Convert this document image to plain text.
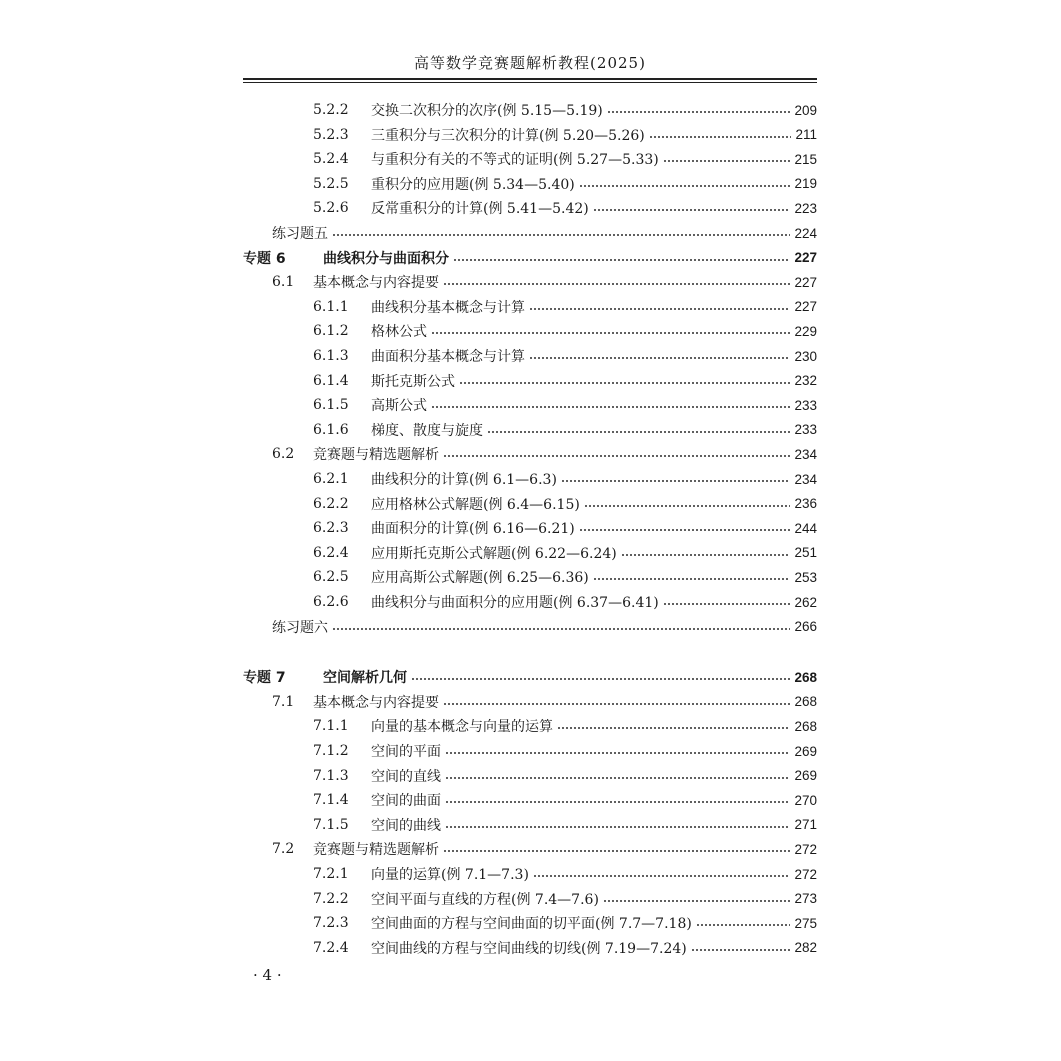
高等数学竞赛题解析教程(2025)
5.2.2	交换二次积分的次序(例 5.15—5.19)	209
5.2.3	三重积分与三次积分的计算(例 5.20—5.26)	211
5.2.4	与重积分有关的不等式的证明(例 5.27—5.33)	215
5.2.5	重积分的应用题(例 5.34—5.40)	219
5.2.6	反常重积分的计算(例 5.41—5.42)	223
练习题五	224
专题 6	曲线积分与曲面积分	227
6.1	基本概念与内容提要	227
6.1.1	曲线积分基本概念与计算	227
6.1.2	格林公式	229
6.1.3	曲面积分基本概念与计算	230
6.1.4	斯托克斯公式	232
6.1.5	高斯公式	233
6.1.6	梯度、散度与旋度	233
6.2	竞赛题与精选题解析	234
6.2.1	曲线积分的计算(例 6.1—6.3)	234
6.2.2	应用格林公式解题(例 6.4—6.15)	236
6.2.3	曲面积分的计算(例 6.16—6.21)	244
6.2.4	应用斯托克斯公式解题(例 6.22—6.24)	251
6.2.5	应用高斯公式解题(例 6.25—6.36)	253
6.2.6	曲线积分与曲面积分的应用题(例 6.37—6.41)	262
练习题六	266
专题 7	空间解析几何	268
7.1	基本概念与内容提要	268
7.1.1	向量的基本概念与向量的运算	268
7.1.2	空间的平面	269
7.1.3	空间的直线	269
7.1.4	空间的曲面	270
7.1.5	空间的曲线	271
7.2	竞赛题与精选题解析	272
7.2.1	向量的运算(例 7.1—7.3)	272
7.2.2	空间平面与直线的方程(例 7.4—7.6)	273
7.2.3	空间曲面的方程与空间曲面的切平面(例 7.7—7.18)	275
7.2.4	空间曲线的方程与空间曲线的切线(例 7.19—7.24)	282
· 4 ·
